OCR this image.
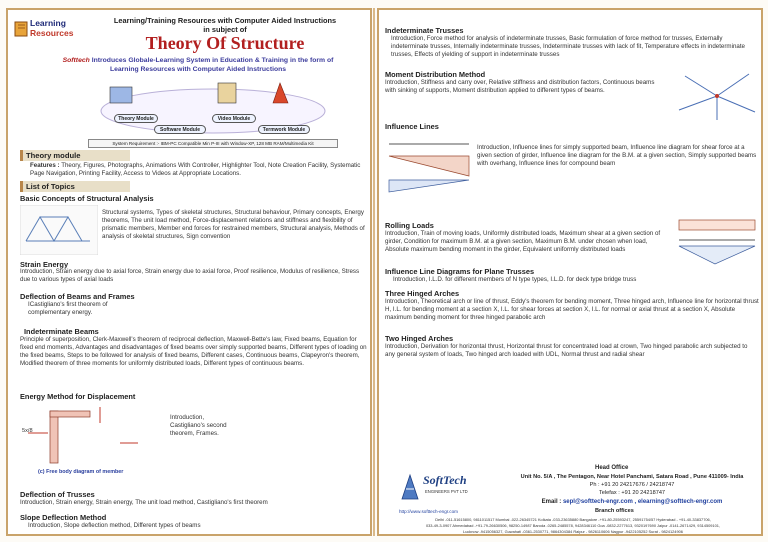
Learning
Resources
Learning/Training Resources with Computer Aided Instructions
in subject of
Theory Of Structure
Softtech Introduces Globale-Learning System in Education & Training in the form of
Learning Resources with Computer Aided Instructions
Theory Module	Video Module
Software Module	Termwork Module
System Requirement :- IBM-PC Compatible Min P-III with Window-XP, 128 MB RAM/Multimedia Kit
Theory module
Features : Theory, Figures, Photographs, Animations With Controller, Highlighter Tool, Note Creation Facility, Systematic Page Navigation, Printing Facility, Access to Videos at Appropriate Locations.
List of Topics
Basic Concepts of Structural Analysis
Structural systems, Types of skeletal structures, Structural behaviour, Primary concepts, Energy theorems, The unit load method, Force-displacement relations and stiffness and flexibility of prismatic members, Member end forces for restrained members, Structural analysis, Methods of analysis of skeletal structures, Sign convention
Strain Energy
Introduction, Strain energy due to axial force, Strain energy due to axial force, Proof resilience, Modulus of resilience, Stress due to various types of axial loads
Deflection of Beams and Frames
ICastigliano's first theorem of complementary energy.
Indeterminate Beams
Principle of superposition, Clerk-Maxwell's theorem of reciprocal deflection, Maxwell-Bette's law, Fixed beams, Equation for fixed end moments, Advantages and disadvantages of fixed beams over simply supported beams, Different types of loading on the fixed beams, Steps to be followed for analysis of fixed beams, Different cases, Continuous beams, Clapeyron's theorem, Modified theorem of three moments for uniformly distributed loads, Different types of continuous beams.
Energy Method for Displacement
5x/8
(c) Free body diagram of member
Introduction, Castigliano's second theorem, Frames.
Deflection of Trusses
Introduction, Strain energy, Strain energy, The unit load method, Castigliano's first theorem
Slope Deflection Method
Introduction, Slope deflection method, Different types of beams
Indeterminate Trusses
Introduction, Force method for analysis of indeterminate trusses, Basic formulation of force method for trusses, Externally indeterminate trusses, Internally indeterminate trusses, Indeterminate trusses with lack of fit, Temperature effects in indeterminate trusses, Effects of yielding of support in indeterminate trusses
Moment Distribution Method
Introduction, Stiffness and carry over, Relative stiffness and distribution factors, Continuous beams with sinking of supports, Moment distribution applied to different types of beams.
Influence Lines
Introduction, Influence lines for simply supported beam, Influence line diagram for shear force at a given section of girder, Influence line diagram for the B.M. at a given section, Simply supported beams with overhang, Influence lines for compound beam
Rolling Loads
Introduction, Train of moving loads, Uniformly distributed loads, Maximum shear at a given section of girder, Condition for maximum B.M. at a given section, Maximum B.M. under chosen when load, Absolute maximum bending moment in the girder, Equivalent uniformly distributed loads
Influence Line Diagrams for Plane Trusses
Introduction, I.L.D. for different members of N type types, I.L.D. for deck type bridge truss
Three Hinged Arches
Introduction, Theoretical arch or line of thrust, Eddy's theorem for bending moment, Three hinged arch, Influence line for horizontal thrust H, I.L. for bending moment at a section X, I.L. for shear forces at section X, I.L. for normal or axial thrust at a section X, Absolute maximum bending moment for three hinged parabolic arch
Two Hinged Arches
Introduction, Derivation for horizontal thrust, Horizontal thrust for concentrated load at crown, Two hinged parabolic arch subjected to any general system of loads, Two hinged arch loaded with UDL, Normal thrust and radial shear
SoftTech
ENGINEERS PVT LTD
Head Office
Unit No. 5/A , The Pentagon, Near Hotel Panchami, Satara Road , Pune 411009- India
Ph : +91 20 24217676 / 24218747
Telefax : +91 20 24218747
Email : sepl@softtech-engr.com , elearning@softtech-engr.com
http://www.softtech-engr.com	Branch offices
Delhi -011-51615800, 9811011517 Mumbai -022-26345721 Kolkata -033-23635880 Bangalore -+91-80-25593247, 25591754/57 Hyderabad - +91-40-33837706,
033-49-3-0907 Ahmedabad -+91-79-26630506, 98250-14987 Baroda -0265-2485578, 9428346110 Goa -0832-2277613, 9320197690 Jaipur -0141-2671429, 9314509101,
Lucknow -9415056327, Guwahati -0361-2530771, 9864304384 Raipur - 9826110606 Nagpur -9422105252 Surat - 9824124906
